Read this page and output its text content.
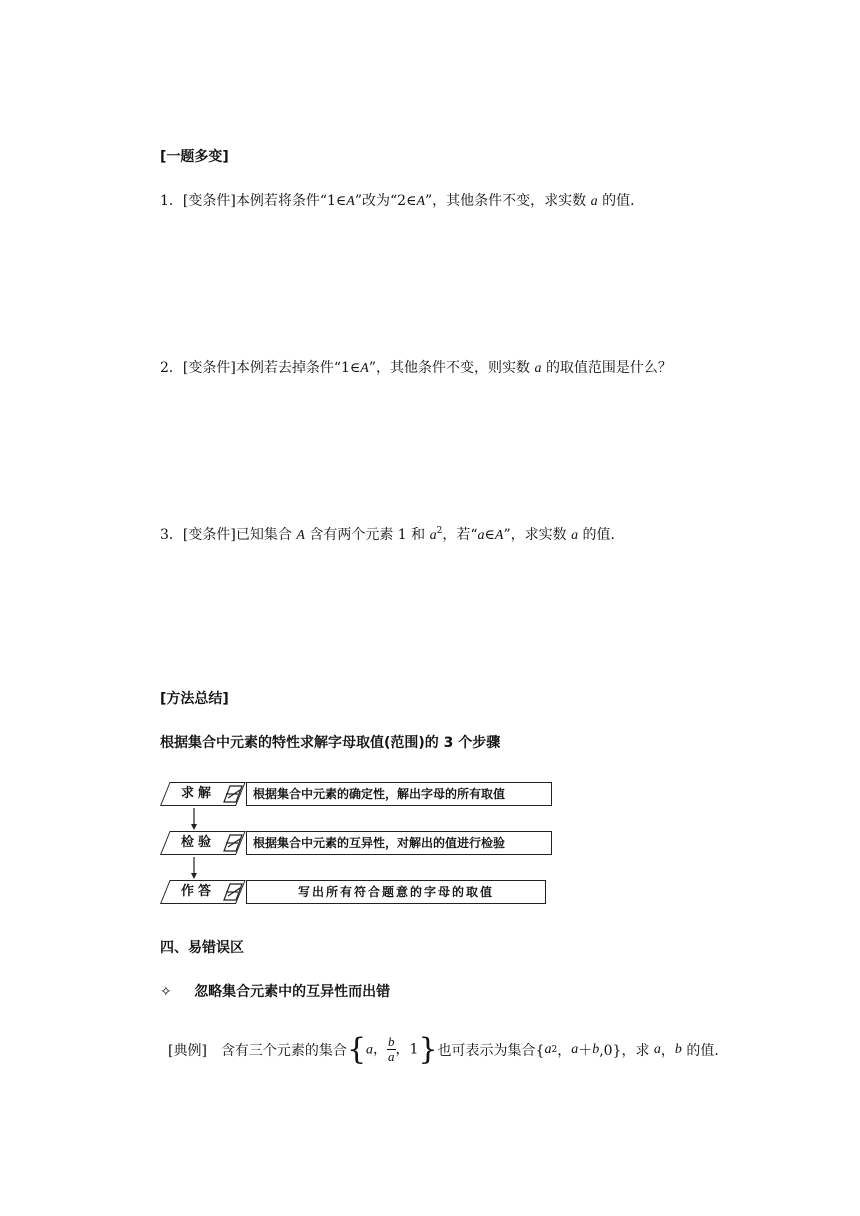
[一题多变]
1．[变条件]本例若将条件“1∈A”改为“2∈A”，其他条件不变，求实数 a 的值．
2．[变条件]本例若去掉条件“1∈A”，其他条件不变，则实数 a 的取值范围是什么？
3．[变条件]已知集合 A 含有两个元素 1 和 $a^2$，若“a∈A”，求实数 a 的值．
[方法总结]
根据集合中元素的特性求解字母取值(范围)的 3 个步骤
求解	根据集合中元素的确定性，解出字母的所有取值
检验	根据集合中元素的互异性，对解出的值进行检验
作答	写出所有符合题意的字母的取值
四、易错误区
✧ 忽略集合元素中的互异性而出错
[典例] 含有三个元素的集合 {a， $\frac{b}{a}$ ，1} 也可表示为集合{ a 2 ， a ＋ b ,0}，求
a ， b
的值．
